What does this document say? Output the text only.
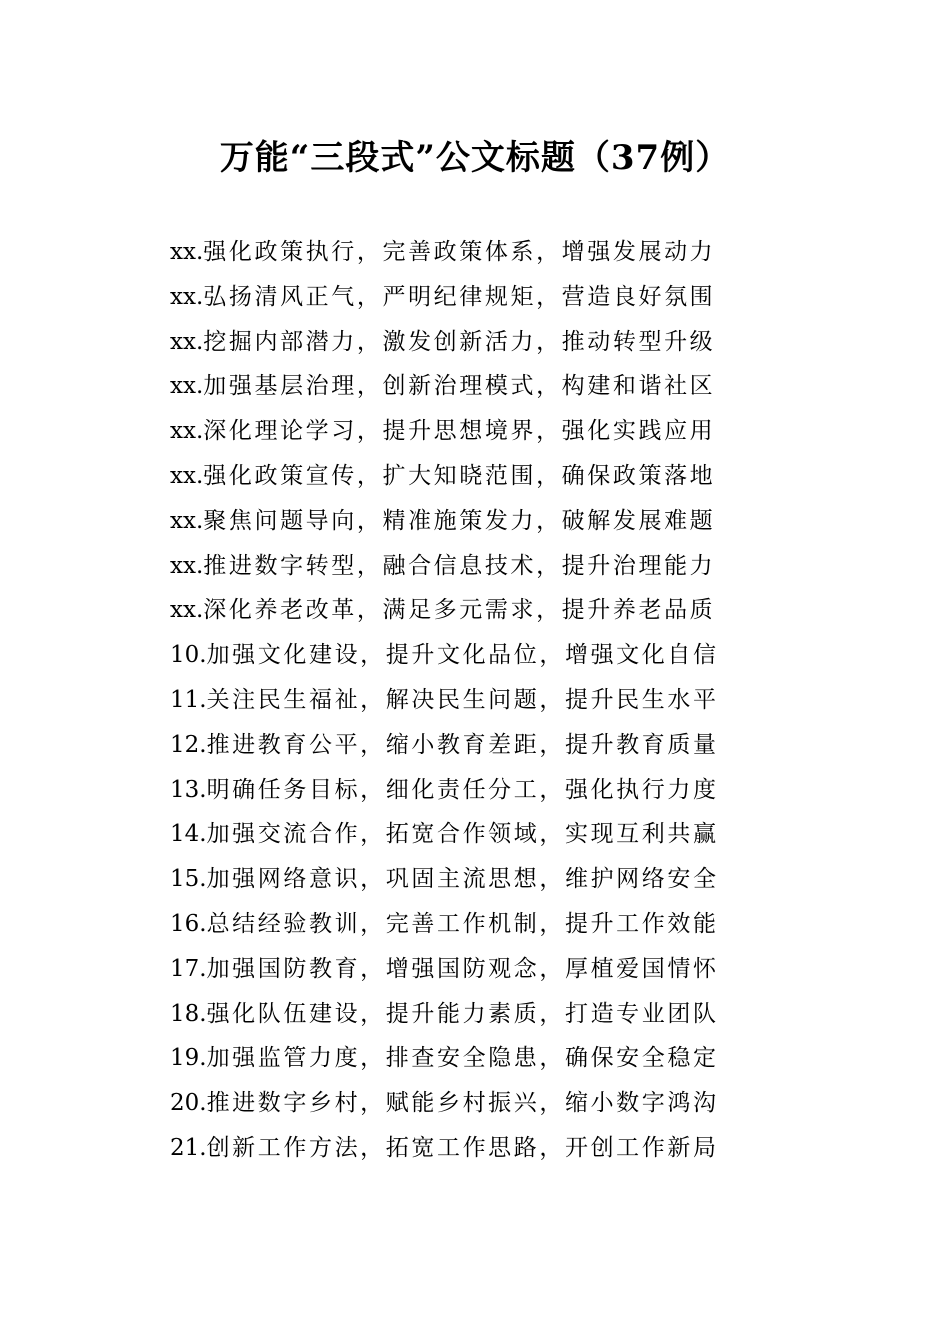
万能“三段式”公文标题（37例）
xx.强化政策执行，完善政策体系，增强发展动力
xx.弘扬清风正气，严明纪律规矩，营造良好氛围
xx.挖掘内部潜力，激发创新活力，推动转型升级
xx.加强基层治理，创新治理模式，构建和谐社区
xx.深化理论学习，提升思想境界，强化实践应用
xx.强化政策宣传，扩大知晓范围，确保政策落地
xx.聚焦问题导向，精准施策发力，破解发展难题
xx.推进数字转型，融合信息技术，提升治理能力
xx.深化养老改革，满足多元需求，提升养老品质
10.加强文化建设，提升文化品位，增强文化自信
11.关注民生福祉，解决民生问题，提升民生水平
12.推进教育公平，缩小教育差距，提升教育质量
13.明确任务目标，细化责任分工，强化执行力度
14.加强交流合作，拓宽合作领域，实现互利共赢
15.加强网络意识，巩固主流思想，维护网络安全
16.总结经验教训，完善工作机制，提升工作效能
17.加强国防教育，增强国防观念，厚植爱国情怀
18.强化队伍建设，提升能力素质，打造专业团队
19.加强监管力度，排查安全隐患，确保安全稳定
20.推进数字乡村，赋能乡村振兴，缩小数字鸿沟
21.创新工作方法，拓宽工作思路，开创工作新局
